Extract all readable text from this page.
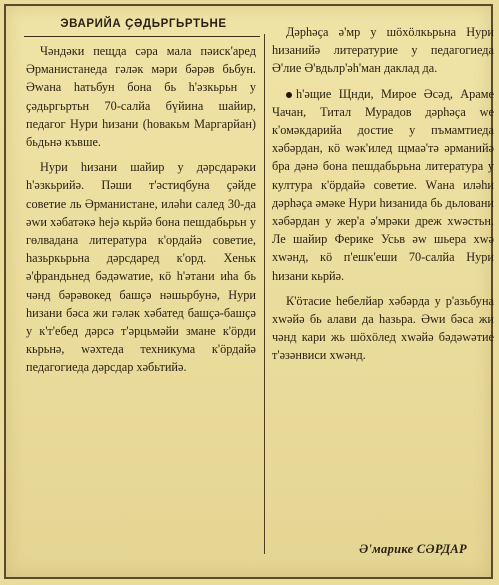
ЭВАРИЙА ҪӘДЬРГЬРТЬНЕ

Чәндәки пещда сәра мала пәиск'аред Әрманистанеда гәләк мәри бәрәв бьбун. Әwана һатьбун бона бь һ'әзкьрьн у ҫәдьргьртьн 70-салйа бүйина шайир, педагог Нури һизани (һовакьм Маргарйан) бьдьнә къвше.

Нури һизани шайир у дәрсдарәки һ'әзкьрийә. Пәши т'әстиqбуна ҫәйде советие ль Әрманистане, иләһи салед 30-да әwи хәбатәкә һеjә кьрйә бона пешдабьрьн у гөлвадана литература к'ордайә советие, һазьркьрьна дәрсдаред к'орд. Хеньк ә'франдьнед бәдәwатие, кӧ һ'әтани иһа бь чәнд бәрәвокед башҫә нәшьрбунә, Нури һизани бәса жи гәләк хәбатед башҫә-башҫә у к'т'ебед дәрсә т'әрцьмәйи змане к'ӧрди кьрьнә, wәхтеда техникума к'ӧрдайә педагогиеда дәрсдар хәбьтийә.

Дәрһәҫа ә'мр у шӧхӧлкьрьна Нури һизанийә литературие у педагогиеда Ә'лие Ә'вдьлр'әһ'ман даклад да.

һ'әщие Щнди, Мирое Әсәд, Араме Чачан, Титал Мурадов дәрһәҫа wе к'омәкдарийа достие у пъмамтиеда хәбәрдан, кӧ wәк'илед щмаә'тә әрманийә бра дәнә бона пешдабьрьна литература у култура к'ӧрдайә советие. Wана иләһи дәрһәҫа әмәке Нури һизанида бь дьловани хәбәрдан у жер'а ә'мрәки дреж хwәстьн. Ле шайир Ферике Усьв әw шьера хwә хwәнд, кӧ п'ешк'еши 70-салйа Нури һизани кьрйә.

К'ӧтасие һебелйар хәбәрда у р'азьбуна хwәйә бь алави да һазьра. Әwи бәса жи чәнд кари жь шӧхӧлед хwәйә бәдәwәтие т'әзәнвиси хwәнд.

Ә'марике СӘРДАР
